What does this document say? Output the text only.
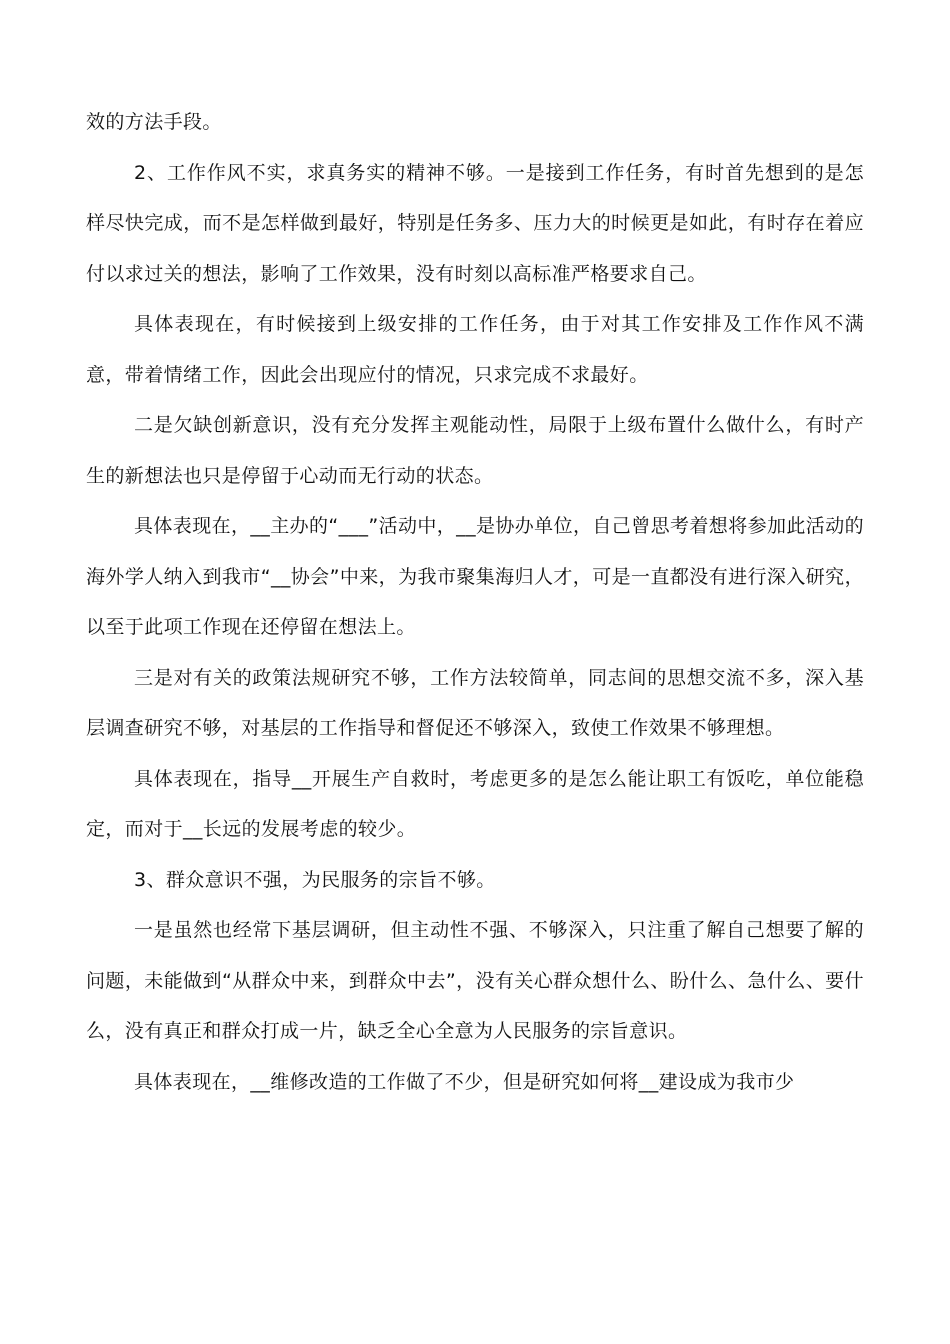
效的方法手段。

2、工作作风不实，求真务实的精神不够。一是接到工作任务，有时首先想到的是怎样尽快完成，而不是怎样做到最好，特别是任务多、压力大的时候更是如此，有时存在着应付以求过关的想法，影响了工作效果，没有时刻以高标准严格要求自己。

具体表现在，有时候接到上级安排的工作任务，由于对其工作安排及工作作风不满意，带着情绪工作，因此会出现应付的情况，只求完成不求最好。

二是欠缺创新意识，没有充分发挥主观能动性，局限于上级布置什么做什么，有时产生的新想法也只是停留于心动而无行动的状态。

具体表现在，__主办的“___”活动中，__是协办单位，自己曾思考着想将参加此活动的海外学人纳入到我市“__协会”中来，为我市聚集海归人才，可是一直都没有进行深入研究，以至于此项工作现在还停留在想法上。

三是对有关的政策法规研究不够，工作方法较简单，同志间的思想交流不多，深入基层调查研究不够，对基层的工作指导和督促还不够深入，致使工作效果不够理想。

具体表现在，指导__开展生产自救时，考虑更多的是怎么能让职工有饭吃，单位能稳定，而对于__长远的发展考虑的较少。

3、群众意识不强，为民服务的宗旨不够。

一是虽然也经常下基层调研，但主动性不强、不够深入，只注重了解自己想要了解的问题，未能做到“从群众中来，到群众中去”，没有关心群众想什么、盼什么、急什么、要什么，没有真正和群众打成一片，缺乏全心全意为人民服务的宗旨意识。

具体表现在，__维修改造的工作做了不少，但是研究如何将__建设成为我市少
